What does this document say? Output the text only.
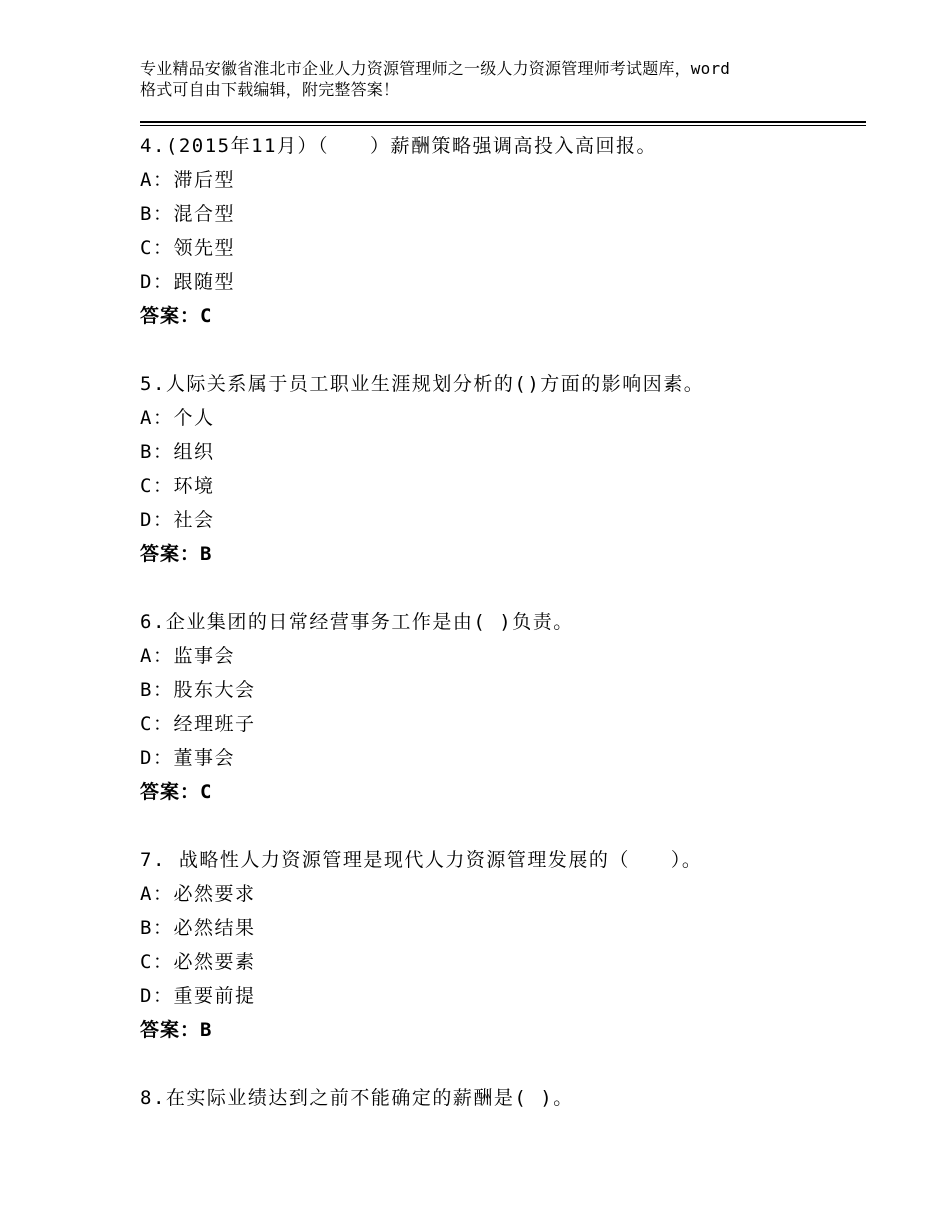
专业精品安徽省淮北市企业人力资源管理师之一级人力资源管理师考试题库，word
格式可自由下载编辑，附完整答案！
4.(2015年11月）（　　）薪酬策略强调高投入高回报。
A：滞后型
B：混合型
C：领先型
D：跟随型
答案：C
5.人际关系属于员工职业生涯规划分析的()方面的影响因素。
A：个人
B：组织
C：环境
D：社会
答案：B
6.企业集团的日常经营事务工作是由( )负责。
A：监事会
B：股东大会
C：经理班子
D：董事会
答案：C
7. 战略性人力资源管理是现代人力资源管理发展的（　　）。
A：必然要求
B：必然结果
C：必然要素
D：重要前提
答案：B
8.在实际业绩达到之前不能确定的薪酬是( )。
